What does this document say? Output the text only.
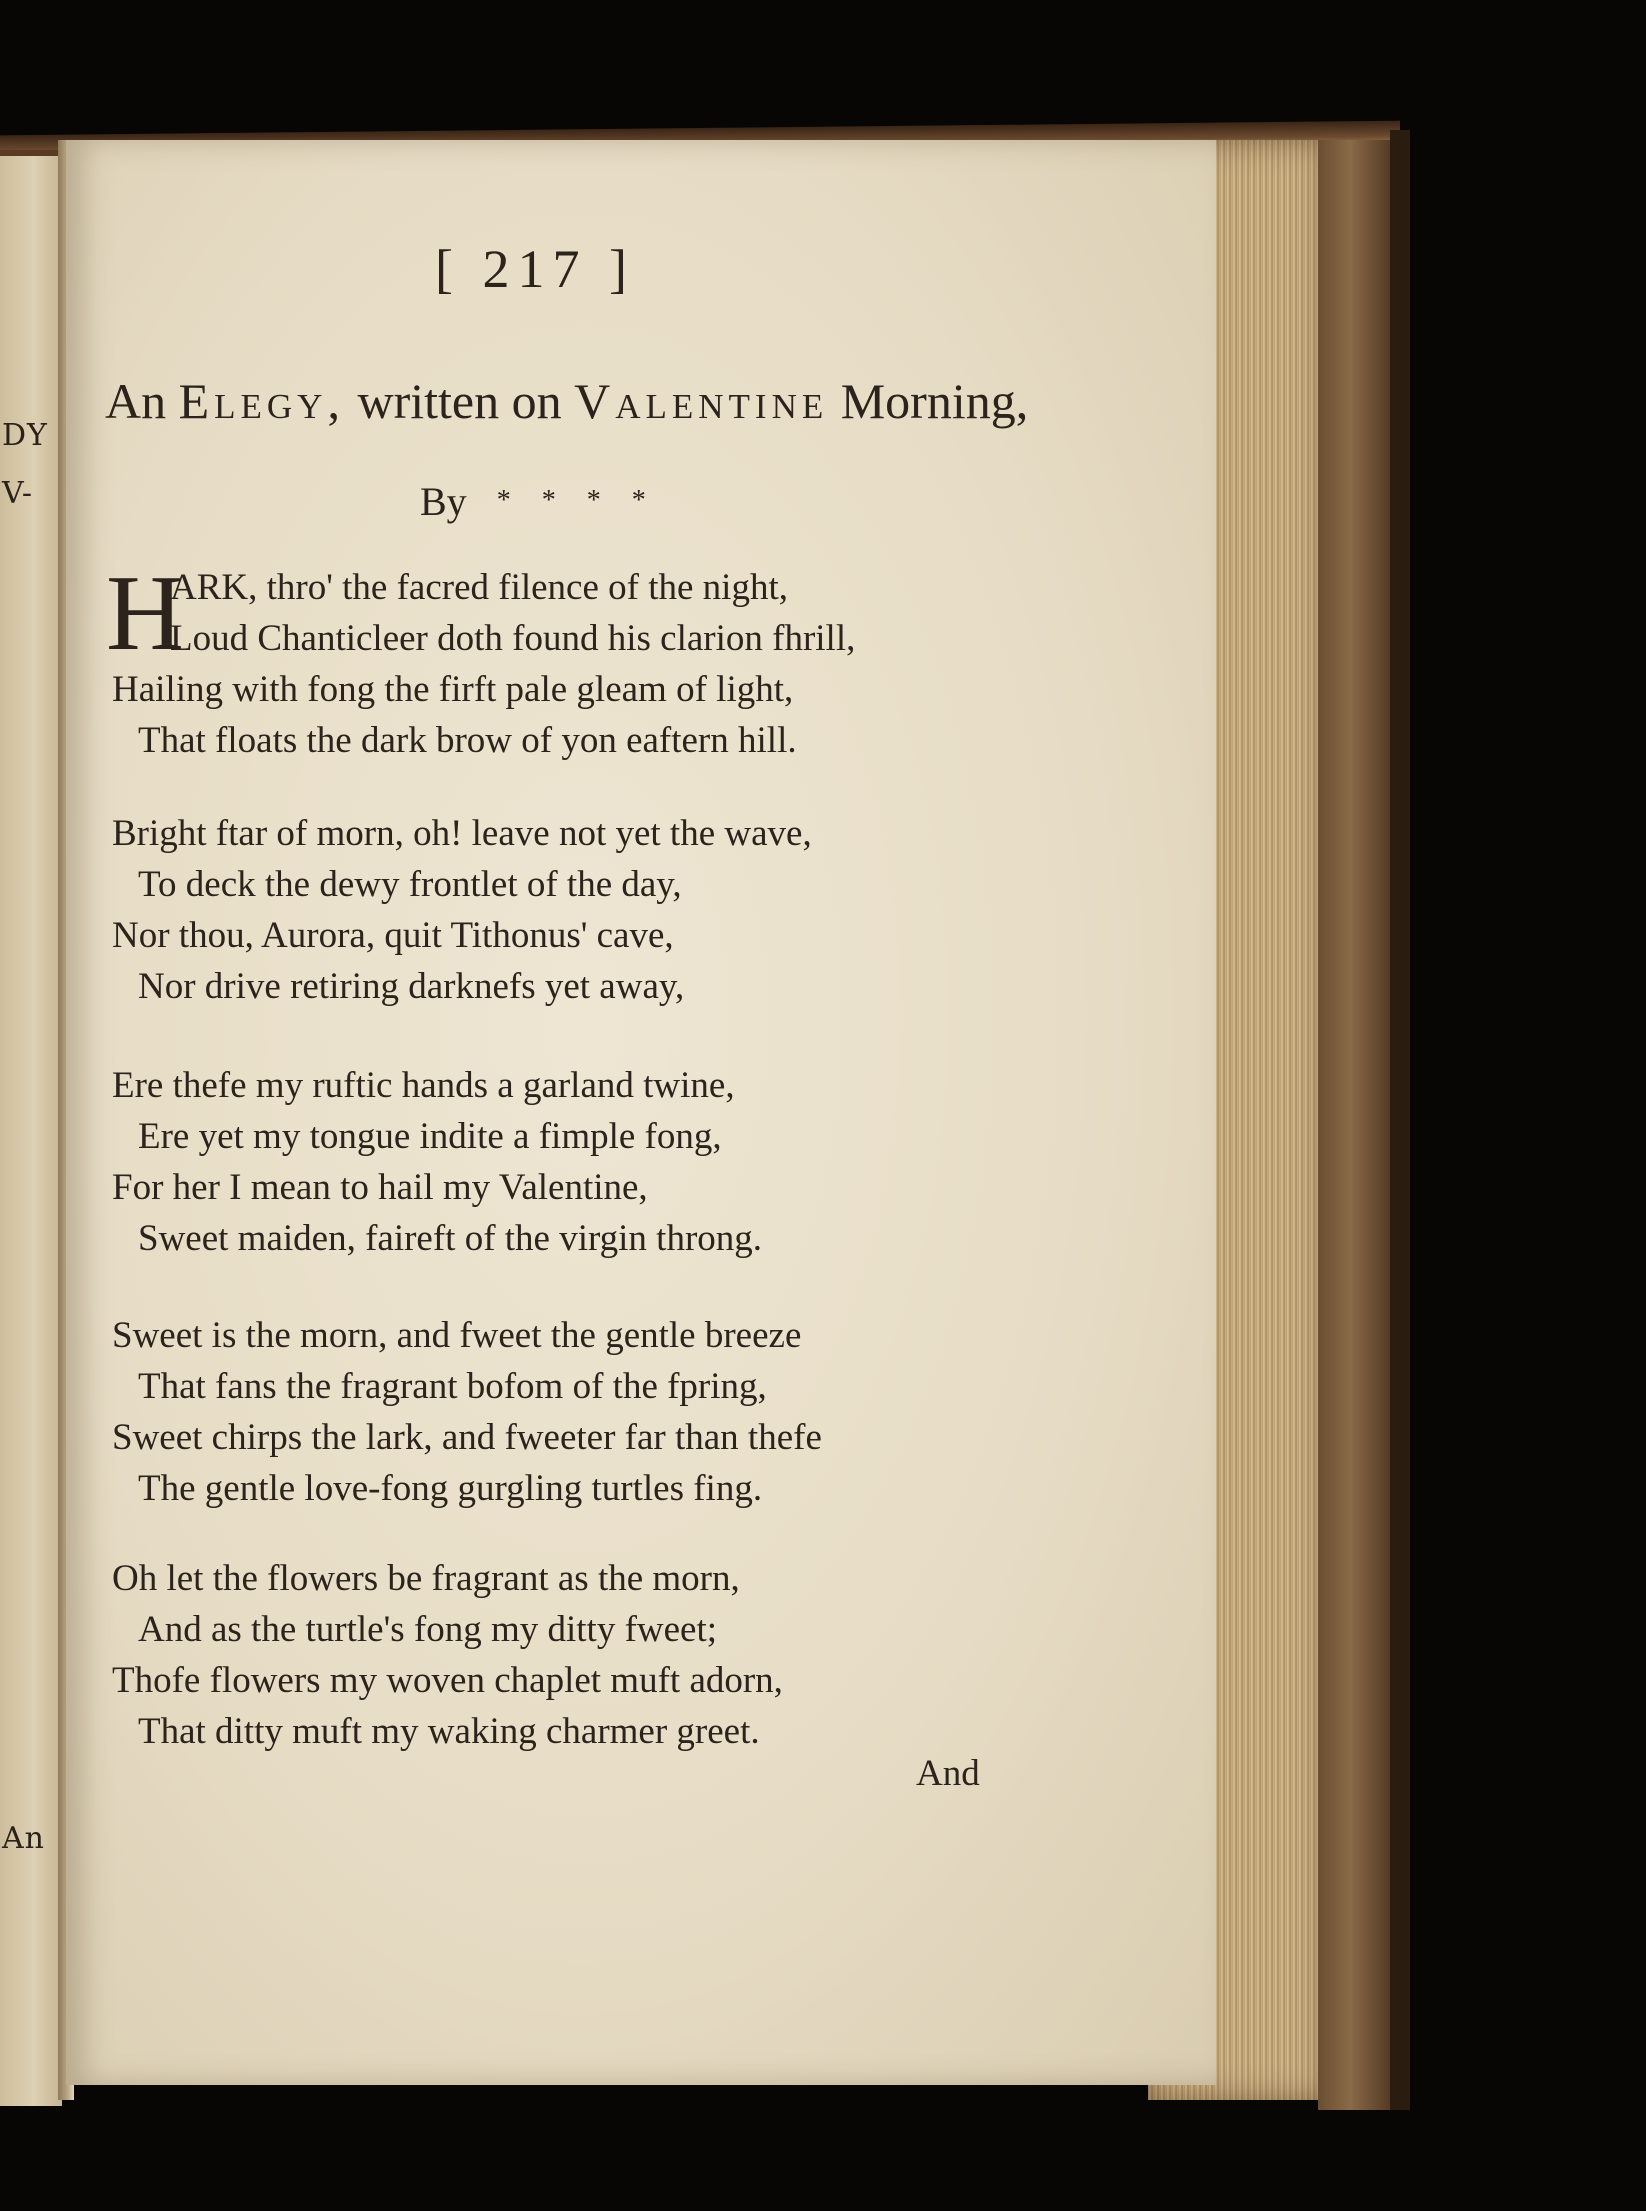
DY
V-
An
[ 217 ]
An Elegy, written on Valentine Morning,
By * * * *
H
ARK, thro' the facred filence of the night,
Loud Chanticleer doth found his clarion fhrill,
Hailing with fong the firft pale gleam of light,
That floats the dark brow of yon eaftern hill.
Bright ftar of morn, oh! leave not yet the wave,
To deck the dewy frontlet of the day,
Nor thou, Aurora, quit Tithonus' cave,
Nor drive retiring darknefs yet away,
Ere thefe my ruftic hands a garland twine,
Ere yet my tongue indite a fimple fong,
For her I mean to hail my Valentine,
Sweet maiden, faireft of the virgin throng.
Sweet is the morn, and fweet the gentle breeze
That fans the fragrant bofom of the fpring,
Sweet chirps the lark, and fweeter far than thefe
The gentle love-fong gurgling turtles fing.
Oh let the flowers be fragrant as the morn,
And as the turtle's fong my ditty fweet;
Thofe flowers my woven chaplet muft adorn,
That ditty muft my waking charmer greet.
And
